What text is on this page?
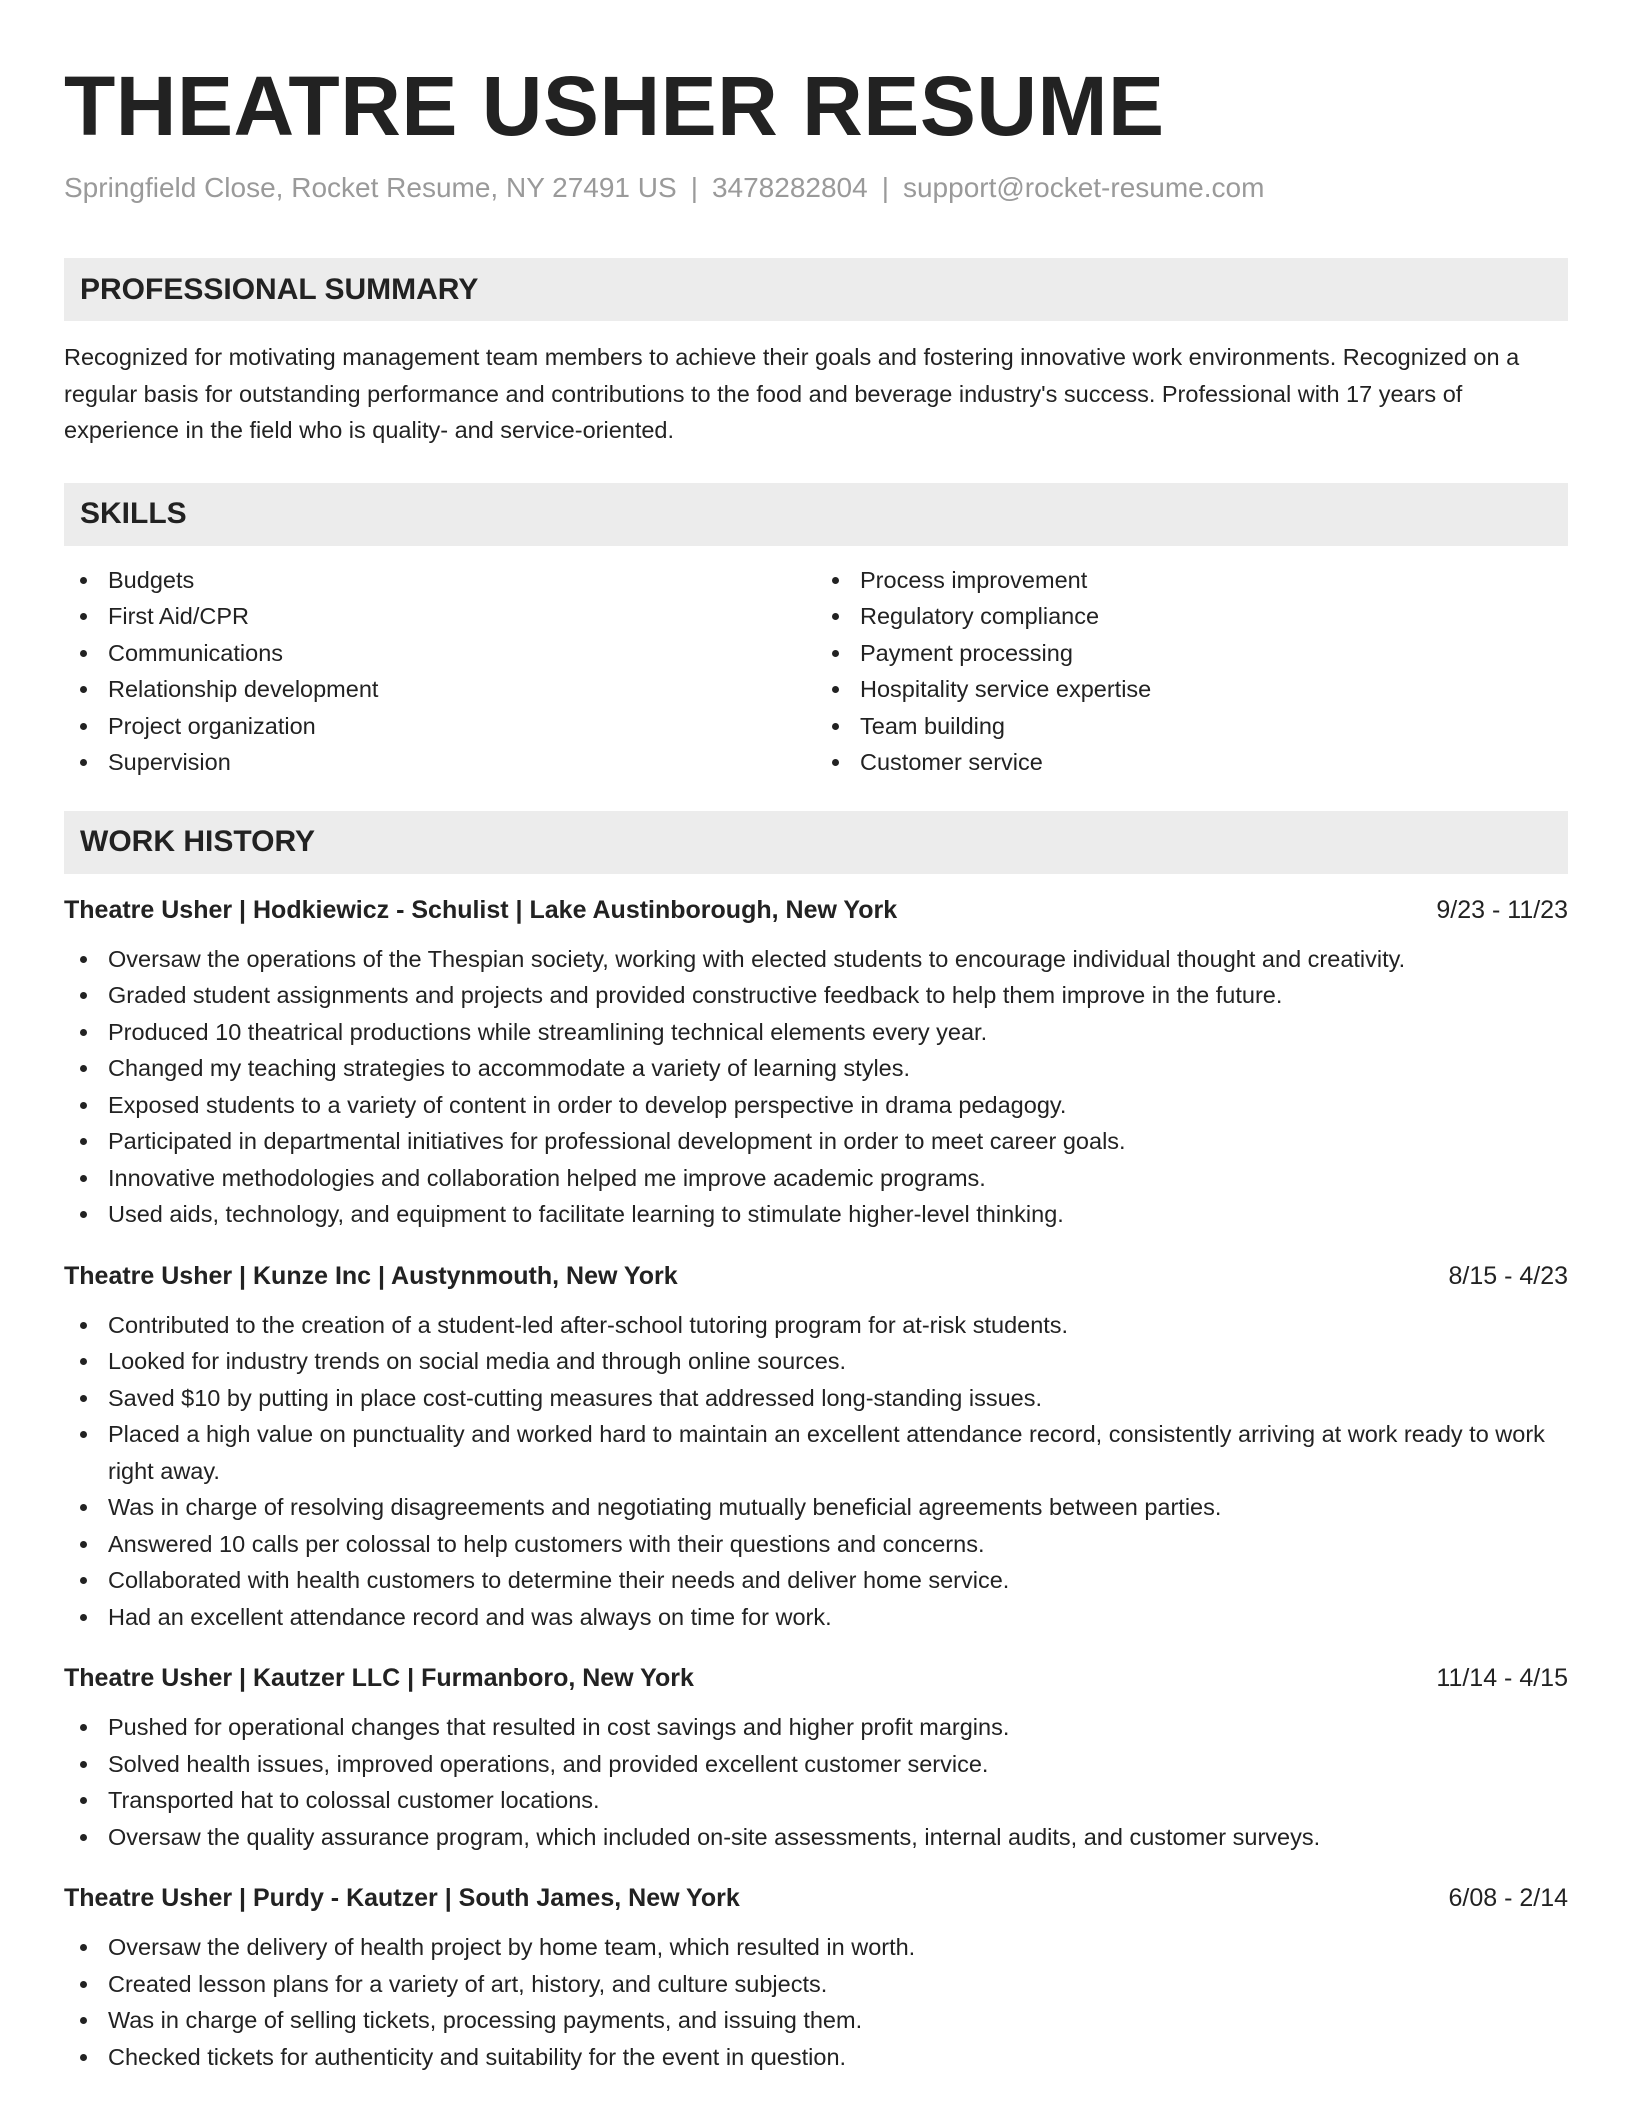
THEATRE USHER RESUME
Springfield Close, Rocket Resume, NY 27491 US | 3478282804 | support@rocket-resume.com
PROFESSIONAL SUMMARY
Recognized for motivating management team members to achieve their goals and fostering innovative work environments. Recognized on a regular basis for outstanding performance and contributions to the food and beverage industry's success. Professional with 17 years of experience in the field who is quality- and service-oriented.
SKILLS
Budgets
First Aid/CPR
Communications
Relationship development
Project organization
Supervision
Process improvement
Regulatory compliance
Payment processing
Hospitality service expertise
Team building
Customer service
WORK HISTORY
Theatre Usher | Hodkiewicz - Schulist | Lake Austinborough, New York	9/23 - 11/23
Oversaw the operations of the Thespian society, working with elected students to encourage individual thought and creativity.
Graded student assignments and projects and provided constructive feedback to help them improve in the future.
Produced 10 theatrical productions while streamlining technical elements every year.
Changed my teaching strategies to accommodate a variety of learning styles.
Exposed students to a variety of content in order to develop perspective in drama pedagogy.
Participated in departmental initiatives for professional development in order to meet career goals.
Innovative methodologies and collaboration helped me improve academic programs.
Used aids, technology, and equipment to facilitate learning to stimulate higher-level thinking.
Theatre Usher | Kunze Inc | Austynmouth, New York	8/15 - 4/23
Contributed to the creation of a student-led after-school tutoring program for at-risk students.
Looked for industry trends on social media and through online sources.
Saved $10 by putting in place cost-cutting measures that addressed long-standing issues.
Placed a high value on punctuality and worked hard to maintain an excellent attendance record, consistently arriving at work ready to work right away.
Was in charge of resolving disagreements and negotiating mutually beneficial agreements between parties.
Answered 10 calls per colossal to help customers with their questions and concerns.
Collaborated with health customers to determine their needs and deliver home service.
Had an excellent attendance record and was always on time for work.
Theatre Usher | Kautzer LLC | Furmanboro, New York	11/14 - 4/15
Pushed for operational changes that resulted in cost savings and higher profit margins.
Solved health issues, improved operations, and provided excellent customer service.
Transported hat to colossal customer locations.
Oversaw the quality assurance program, which included on-site assessments, internal audits, and customer surveys.
Theatre Usher | Purdy - Kautzer | South James, New York	6/08 - 2/14
Oversaw the delivery of health project by home team, which resulted in worth.
Created lesson plans for a variety of art, history, and culture subjects.
Was in charge of selling tickets, processing payments, and issuing them.
Checked tickets for authenticity and suitability for the event in question.
